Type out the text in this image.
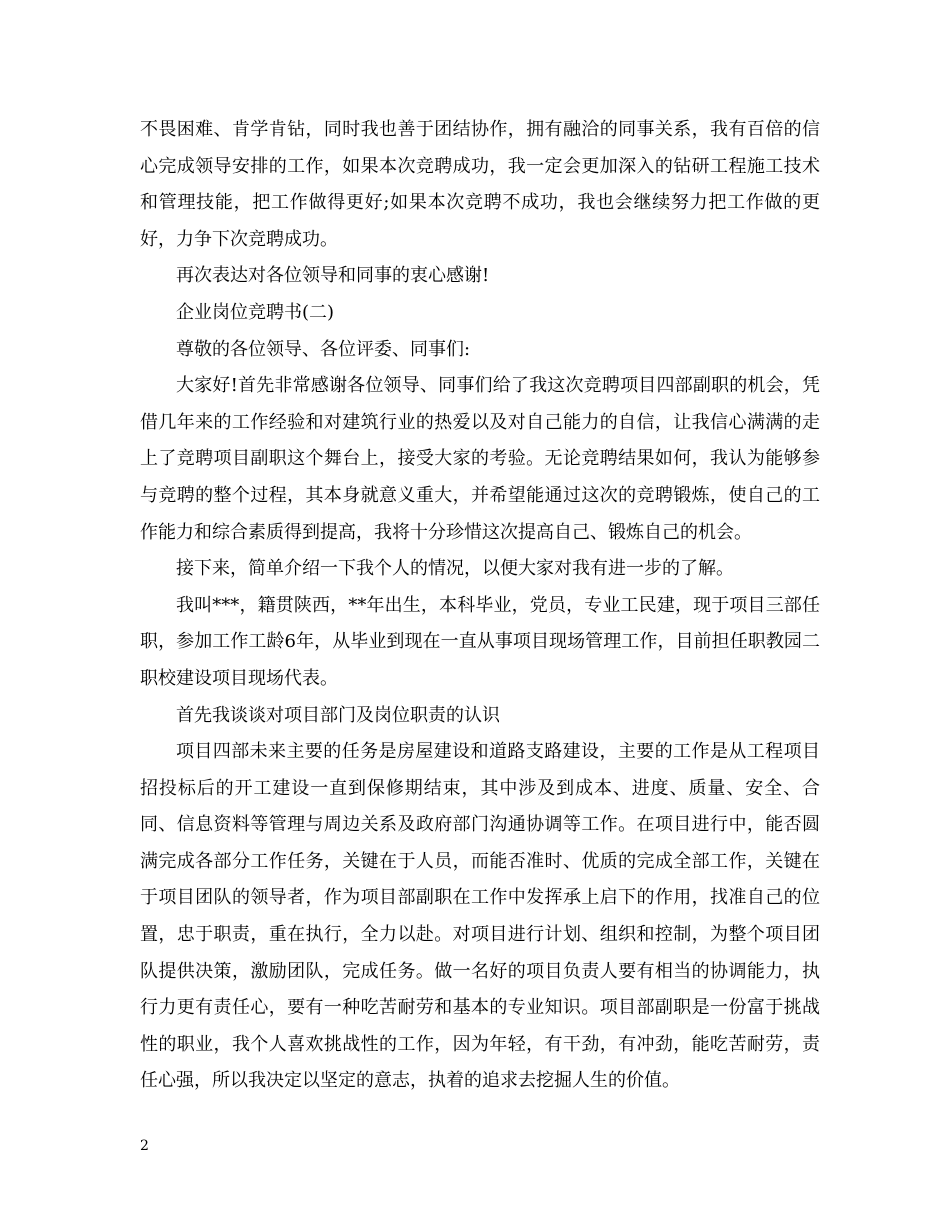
不畏困难、肯学肯钻，同时我也善于团结协作，拥有融洽的同事关系，我有百倍的信心完成领导安排的工作，如果本次竞聘成功，我一定会更加深入的钻研工程施工技术和管理技能，把工作做得更好;如果本次竞聘不成功，我也会继续努力把工作做的更好，力争下次竞聘成功。

再次表达对各位领导和同事的衷心感谢!

企业岗位竞聘书(二)

尊敬的各位领导、各位评委、同事们:

大家好!首先非常感谢各位领导、同事们给了我这次竞聘项目四部副职的机会，凭借几年来的工作经验和对建筑行业的热爱以及对自己能力的自信，让我信心满满的走上了竞聘项目副职这个舞台上，接受大家的考验。无论竞聘结果如何，我认为能够参与竞聘的整个过程，其本身就意义重大，并希望能通过这次的竞聘锻炼，使自己的工作能力和综合素质得到提高，我将十分珍惜这次提高自己、锻炼自己的机会。

接下来，简单介绍一下我个人的情况，以便大家对我有进一步的了解。

我叫***，籍贯陕西，**年出生，本科毕业，党员，专业工民建，现于项目三部任职，参加工作工龄6年，从毕业到现在一直从事项目现场管理工作，目前担任职教园二职校建设项目现场代表。

首先我谈谈对项目部门及岗位职责的认识

项目四部未来主要的任务是房屋建设和道路支路建设，主要的工作是从工程项目招投标后的开工建设一直到保修期结束，其中涉及到成本、进度、质量、安全、合同、信息资料等管理与周边关系及政府部门沟通协调等工作。在项目进行中，能否圆满完成各部分工作任务，关键在于人员，而能否准时、优质的完成全部工作，关键在于项目团队的领导者，作为项目部副职在工作中发挥承上启下的作用，找准自己的位置，忠于职责，重在执行，全力以赴。对项目进行计划、组织和控制，为整个项目团队提供决策，激励团队，完成任务。做一名好的项目负责人要有相当的协调能力，执行力更有责任心，要有一种吃苦耐劳和基本的专业知识。项目部副职是一份富于挑战性的职业，我个人喜欢挑战性的工作，因为年轻，有干劲，有冲劲，能吃苦耐劳，责任心强，所以我决定以坚定的意志，执着的追求去挖掘人生的价值。

2
